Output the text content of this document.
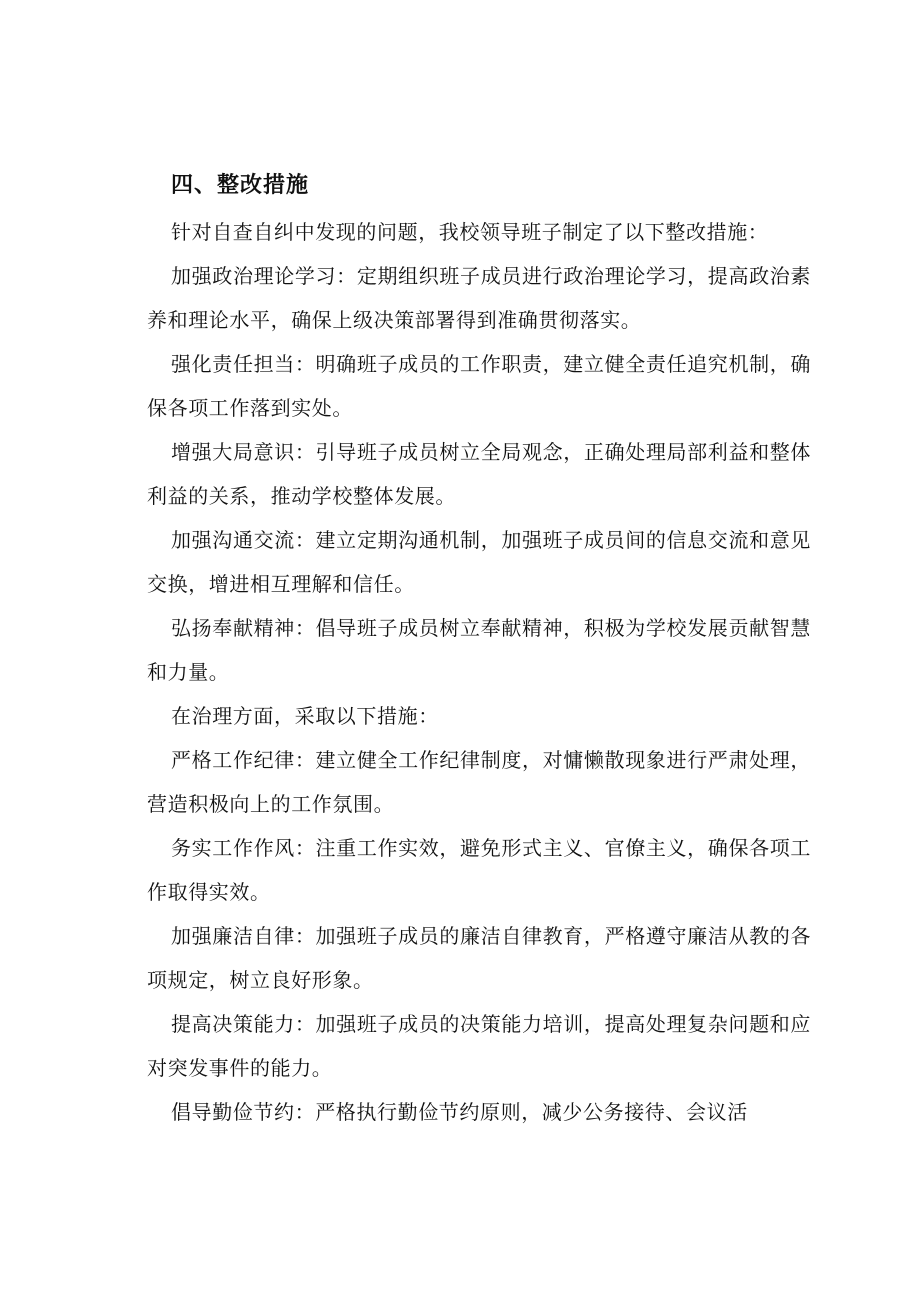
四、整改措施

针对自查自纠中发现的问题，我校领导班子制定了以下整改措施：

加强政治理论学习：定期组织班子成员进行政治理论学习，提高政治素养和理论水平，确保上级决策部署得到准确贯彻落实。

强化责任担当：明确班子成员的工作职责，建立健全责任追究机制，确保各项工作落到实处。

增强大局意识：引导班子成员树立全局观念，正确处理局部利益和整体利益的关系，推动学校整体发展。

加强沟通交流：建立定期沟通机制，加强班子成员间的信息交流和意见交换，增进相互理解和信任。

弘扬奉献精神：倡导班子成员树立奉献精神，积极为学校发展贡献智慧和力量。

在治理方面，采取以下措施：

严格工作纪律：建立健全工作纪律制度，对慵懒散现象进行严肃处理，营造积极向上的工作氛围。

务实工作作风：注重工作实效，避免形式主义、官僚主义，确保各项工作取得实效。

加强廉洁自律：加强班子成员的廉洁自律教育，严格遵守廉洁从教的各项规定，树立良好形象。

提高决策能力：加强班子成员的决策能力培训，提高处理复杂问题和应对突发事件的能力。

倡导勤俭节约：严格执行勤俭节约原则，减少公务接待、会议活
